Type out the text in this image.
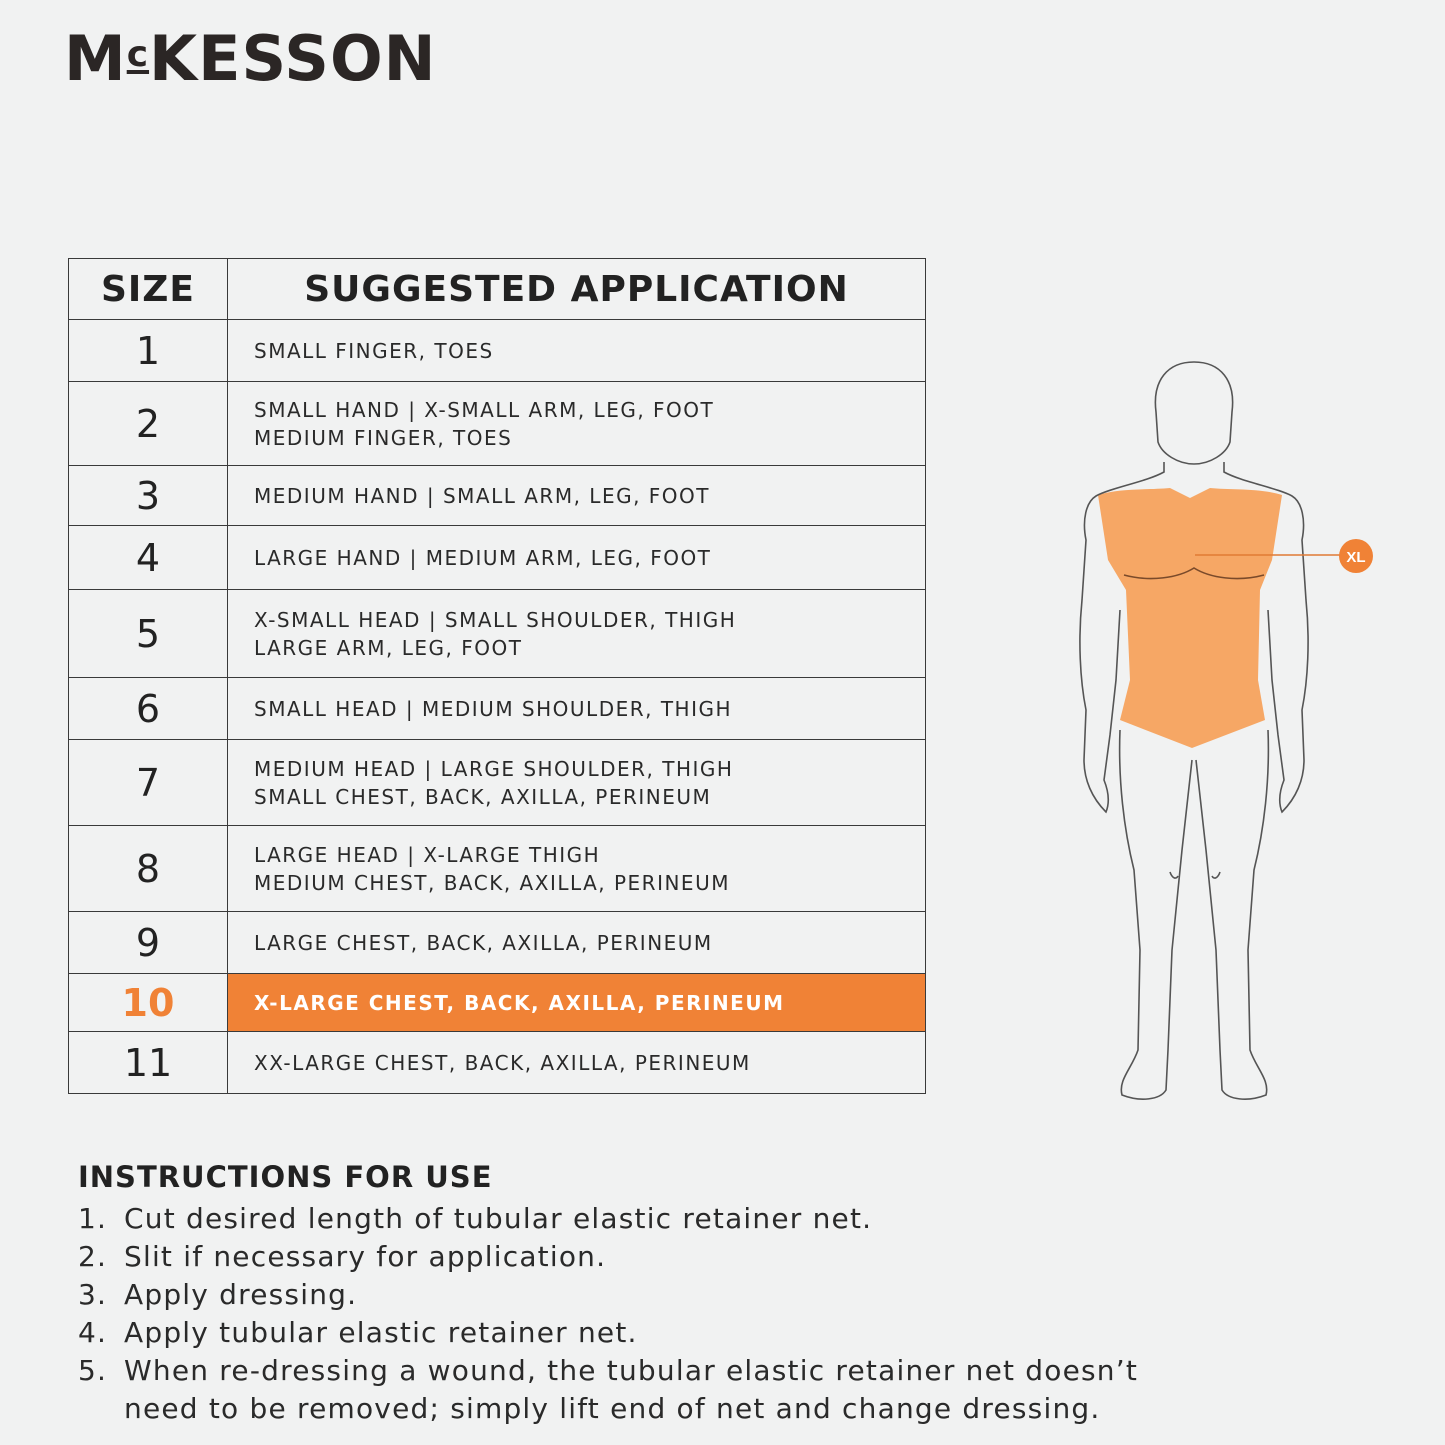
$M^cKESSON$
SIZE	SUGGESTED APPLICATION
1	SMALL FINGER, TOES

2	SMALL HAND | X-SMALL ARM, LEG, FOOT
MEDIUM FINGER, TOES

3	MEDIUM HAND | SMALL ARM, LEG, FOOT

4	LARGE HAND | MEDIUM ARM, LEG, FOOT

5	X-SMALL HEAD | SMALL SHOULDER, THIGH
LARGE ARM, LEG, FOOT

6	SMALL HEAD | MEDIUM SHOULDER, THIGH

7	MEDIUM HEAD | LARGE SHOULDER, THIGH
SMALL CHEST, BACK, AXILLA, PERINEUM

8	LARGE HEAD | X-LARGE THIGH
MEDIUM CHEST, BACK, AXILLA, PERINEUM

9	LARGE CHEST, BACK, AXILLA, PERINEUM

10	X-LARGE CHEST, BACK, AXILLA, PERINEUM

11	XX-LARGE CHEST, BACK, AXILLA, PERINEUM
XL
INSTRUCTIONS FOR USE
1. Cut desired length of tubular elastic retainer net.
2. Slit if necessary for application.
3. Apply dressing.
4. Apply tubular elastic retainer net.
5. When re-dressing a wound, the tubular elastic retainer net doesn’t need to be removed; simply lift end of net and change dressing.
